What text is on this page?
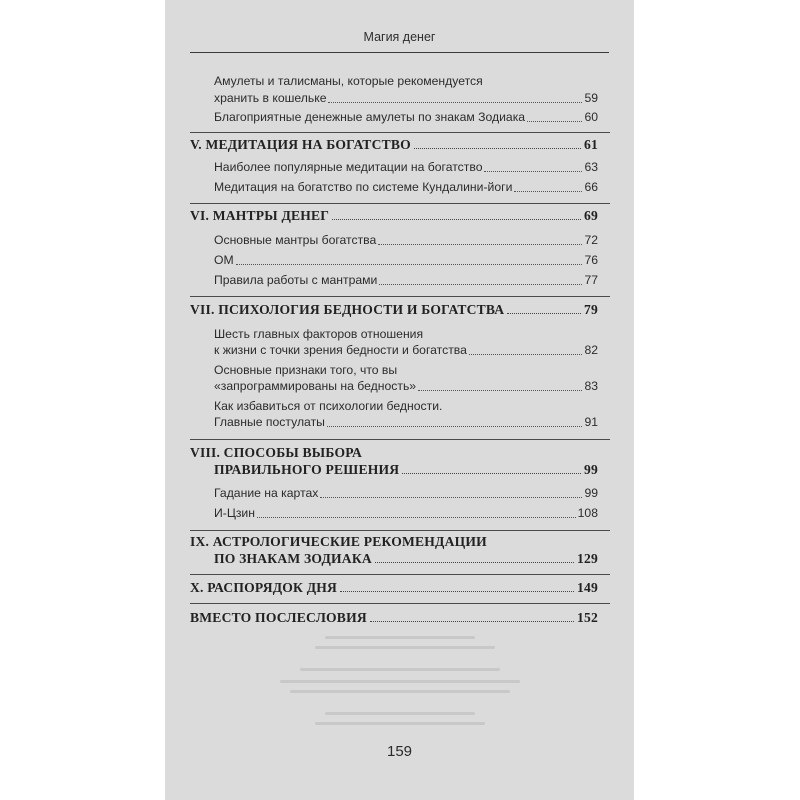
Магия денег
Амулеты и талисманы, которые рекомендуется
хранить в кошельке	59
Благоприятные денежные амулеты по знакам Зодиака	60
V. МЕДИТАЦИЯ НА БОГАТСТВО	61
Наиболее популярные медитации на богатство	63
Медитация на богатство по системе Кундалини-йоги	66
VI. МАНТРЫ ДЕНЕГ	69
Основные мантры богатства	72
ОМ	76
Правила работы с мантрами	77
VII. ПСИХОЛОГИЯ БЕДНОСТИ И БОГАТСТВА	79
Шесть главных факторов отношения
к жизни с точки зрения бедности и богатства	82
Основные признаки того, что вы
«запрограммированы на бедность»	83
Как избавиться от психологии бедности.
Главные постулаты	91
VIII. СПОСОБЫ ВЫБОРА
ПРАВИЛЬНОГО РЕШЕНИЯ	99
Гадание на картах	99
И-Цзин	108
IX. АСТРОЛОГИЧЕСКИЕ РЕКОМЕНДАЦИИ
ПО ЗНАКАМ ЗОДИАКА	129
X. РАСПОРЯДОК ДНЯ	149
ВМЕСТО ПОСЛЕСЛОВИЯ	152
159
